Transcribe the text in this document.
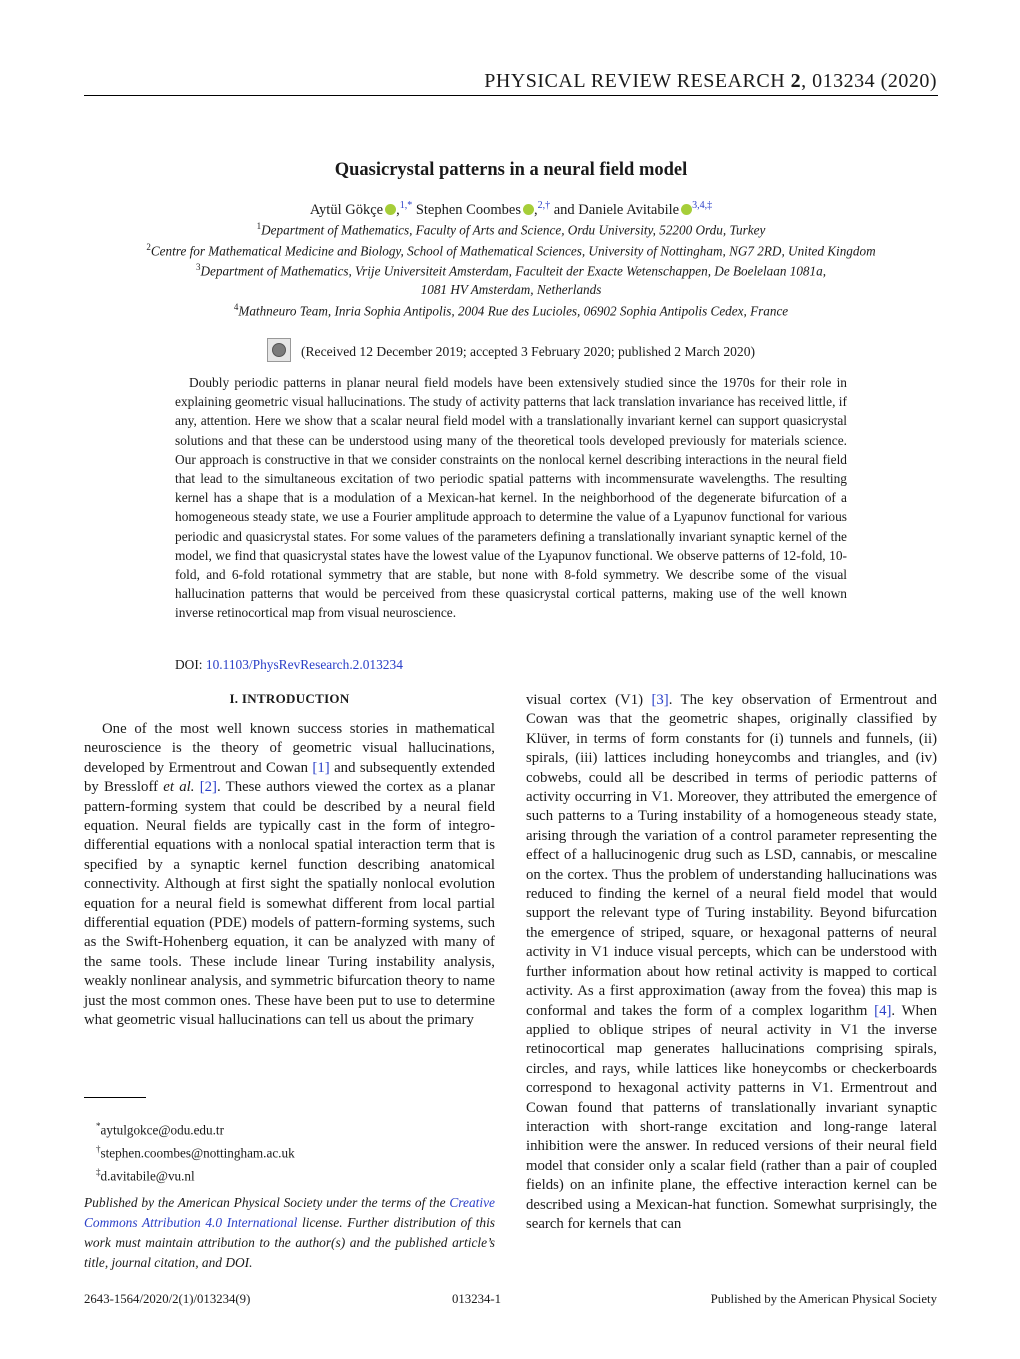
PHYSICAL REVIEW RESEARCH 2, 013234 (2020)
Quasicrystal patterns in a neural field model
Aytül Gökçe ,$^{1,*}$ Stephen Coombes ,$^{2,\dagger}$ and Daniele Avitabile $^{3,4,\ddagger}$
$^1$Department of Mathematics, Faculty of Arts and Science, Ordu University, 52200 Ordu, Turkey
$^2$Centre for Mathematical Medicine and Biology, School of Mathematical Sciences, University of Nottingham, NG7 2RD, United Kingdom
$^3$Department of Mathematics, Vrije Universiteit Amsterdam, Faculteit der Exacte Wetenschappen, De Boelelaan 1081a,
1081 HV Amsterdam, Netherlands
$^4$Mathneuro Team, Inria Sophia Antipolis, 2004 Rue des Lucioles, 06902 Sophia Antipolis Cedex, France
(Received 12 December 2019; accepted 3 February 2020; published 2 March 2020)

Doubly periodic patterns in planar neural field models have been extensively studied since the 1970s for their role in explaining geometric visual hallucinations. The study of activity patterns that lack translation invariance has received little, if any, attention. Here we show that a scalar neural field model with a translationally invariant kernel can support quasicrystal solutions and that these can be understood using many of the theoretical tools developed previously for materials science. Our approach is constructive in that we consider constraints on the nonlocal kernel describing interactions in the neural field that lead to the simultaneous excitation of two periodic spatial patterns with incommensurate wavelengths. The resulting kernel has a shape that is a modulation of a Mexican-hat kernel. In the neighborhood of the degenerate bifurcation of a homogeneous steady state, we use a Fourier amplitude approach to determine the value of a Lyapunov functional for various periodic and quasicrystal states. For some values of the parameters defining a translationally invariant synaptic kernel of the model, we find that quasicrystal states have the lowest value of the Lyapunov functional. We observe patterns of 12-fold, 10-fold, and 6-fold rotational symmetry that are stable, but none with 8-fold symmetry. We describe some of the visual hallucination patterns that would be perceived from these quasicrystal cortical patterns, making use of the well known inverse retinocortical map from visual neuroscience.

DOI: 10.1103/PhysRevResearch.2.013234
I. INTRODUCTION

One of the most well known success stories in mathematical neuroscience is the theory of geometric visual hallucinations, developed by Ermentrout and Cowan [1] and subsequently extended by Bressloff et al. [2]. These authors viewed the cortex as a planar pattern-forming system that could be described by a neural field equation. Neural fields are typically cast in the form of integro-differential equations with a nonlocal spatial interaction term that is specified by a synaptic kernel function describing anatomical connectivity. Although at first sight the spatially nonlocal evolution equation for a neural field is somewhat different from local partial differential equation (PDE) models of pattern-forming systems, such as the Swift-Hohenberg equation, it can be analyzed with many of the same tools. These include linear Turing instability analysis, weakly nonlinear analysis, and symmetric bifurcation theory to name just the most common ones. These have been put to use to determine what geometric visual hallucinations can tell us about the primary

visual cortex (V1) [3]. The key observation of Ermentrout and Cowan was that the geometric shapes, originally classified by Klüver, in terms of form constants for (i) tunnels and funnels, (ii) spirals, (iii) lattices including honeycombs and triangles, and (iv) cobwebs, could all be described in terms of periodic patterns of activity occurring in V1. Moreover, they attributed the emergence of such patterns to a Turing instability of a homogeneous steady state, arising through the variation of a control parameter representing the effect of a hallucinogenic drug such as LSD, cannabis, or mescaline on the cortex. Thus the problem of understanding hallucinations was reduced to finding the kernel of a neural field model that would support the relevant type of Turing instability. Beyond bifurcation the emergence of striped, square, or hexagonal patterns of neural activity in V1 induce visual percepts, which can be understood with further information about how retinal activity is mapped to cortical activity. As a first approximation (away from the fovea) this map is conformal and takes the form of a complex logarithm [4]. When applied to oblique stripes of neural activity in V1 the inverse retinocortical map generates hallucinations comprising spirals, circles, and rays, while lattices like honeycombs or checkerboards correspond to hexagonal activity patterns in V1. Ermentrout and Cowan found that patterns of translationally invariant synaptic interaction with short-range excitation and long-range lateral inhibition were the answer. In reduced versions of their neural field model that consider only a scalar field (rather than a pair of coupled fields) on an infinite plane, the effective interaction kernel can be described using a Mexican-hat function. Somewhat surprisingly, the search for kernels that can

*aytulgokce@odu.edu.tr
†stephen.coombes@nottingham.ac.uk
‡d.avitabile@vu.nl
Published by the American Physical Society under the terms of the Creative Commons Attribution 4.0 International license. Further distribution of this work must maintain attribution to the author(s) and the published article’s title, journal citation, and DOI.
2643-1564/2020/2(1)/013234(9)	013234-1	Published by the American Physical Society
